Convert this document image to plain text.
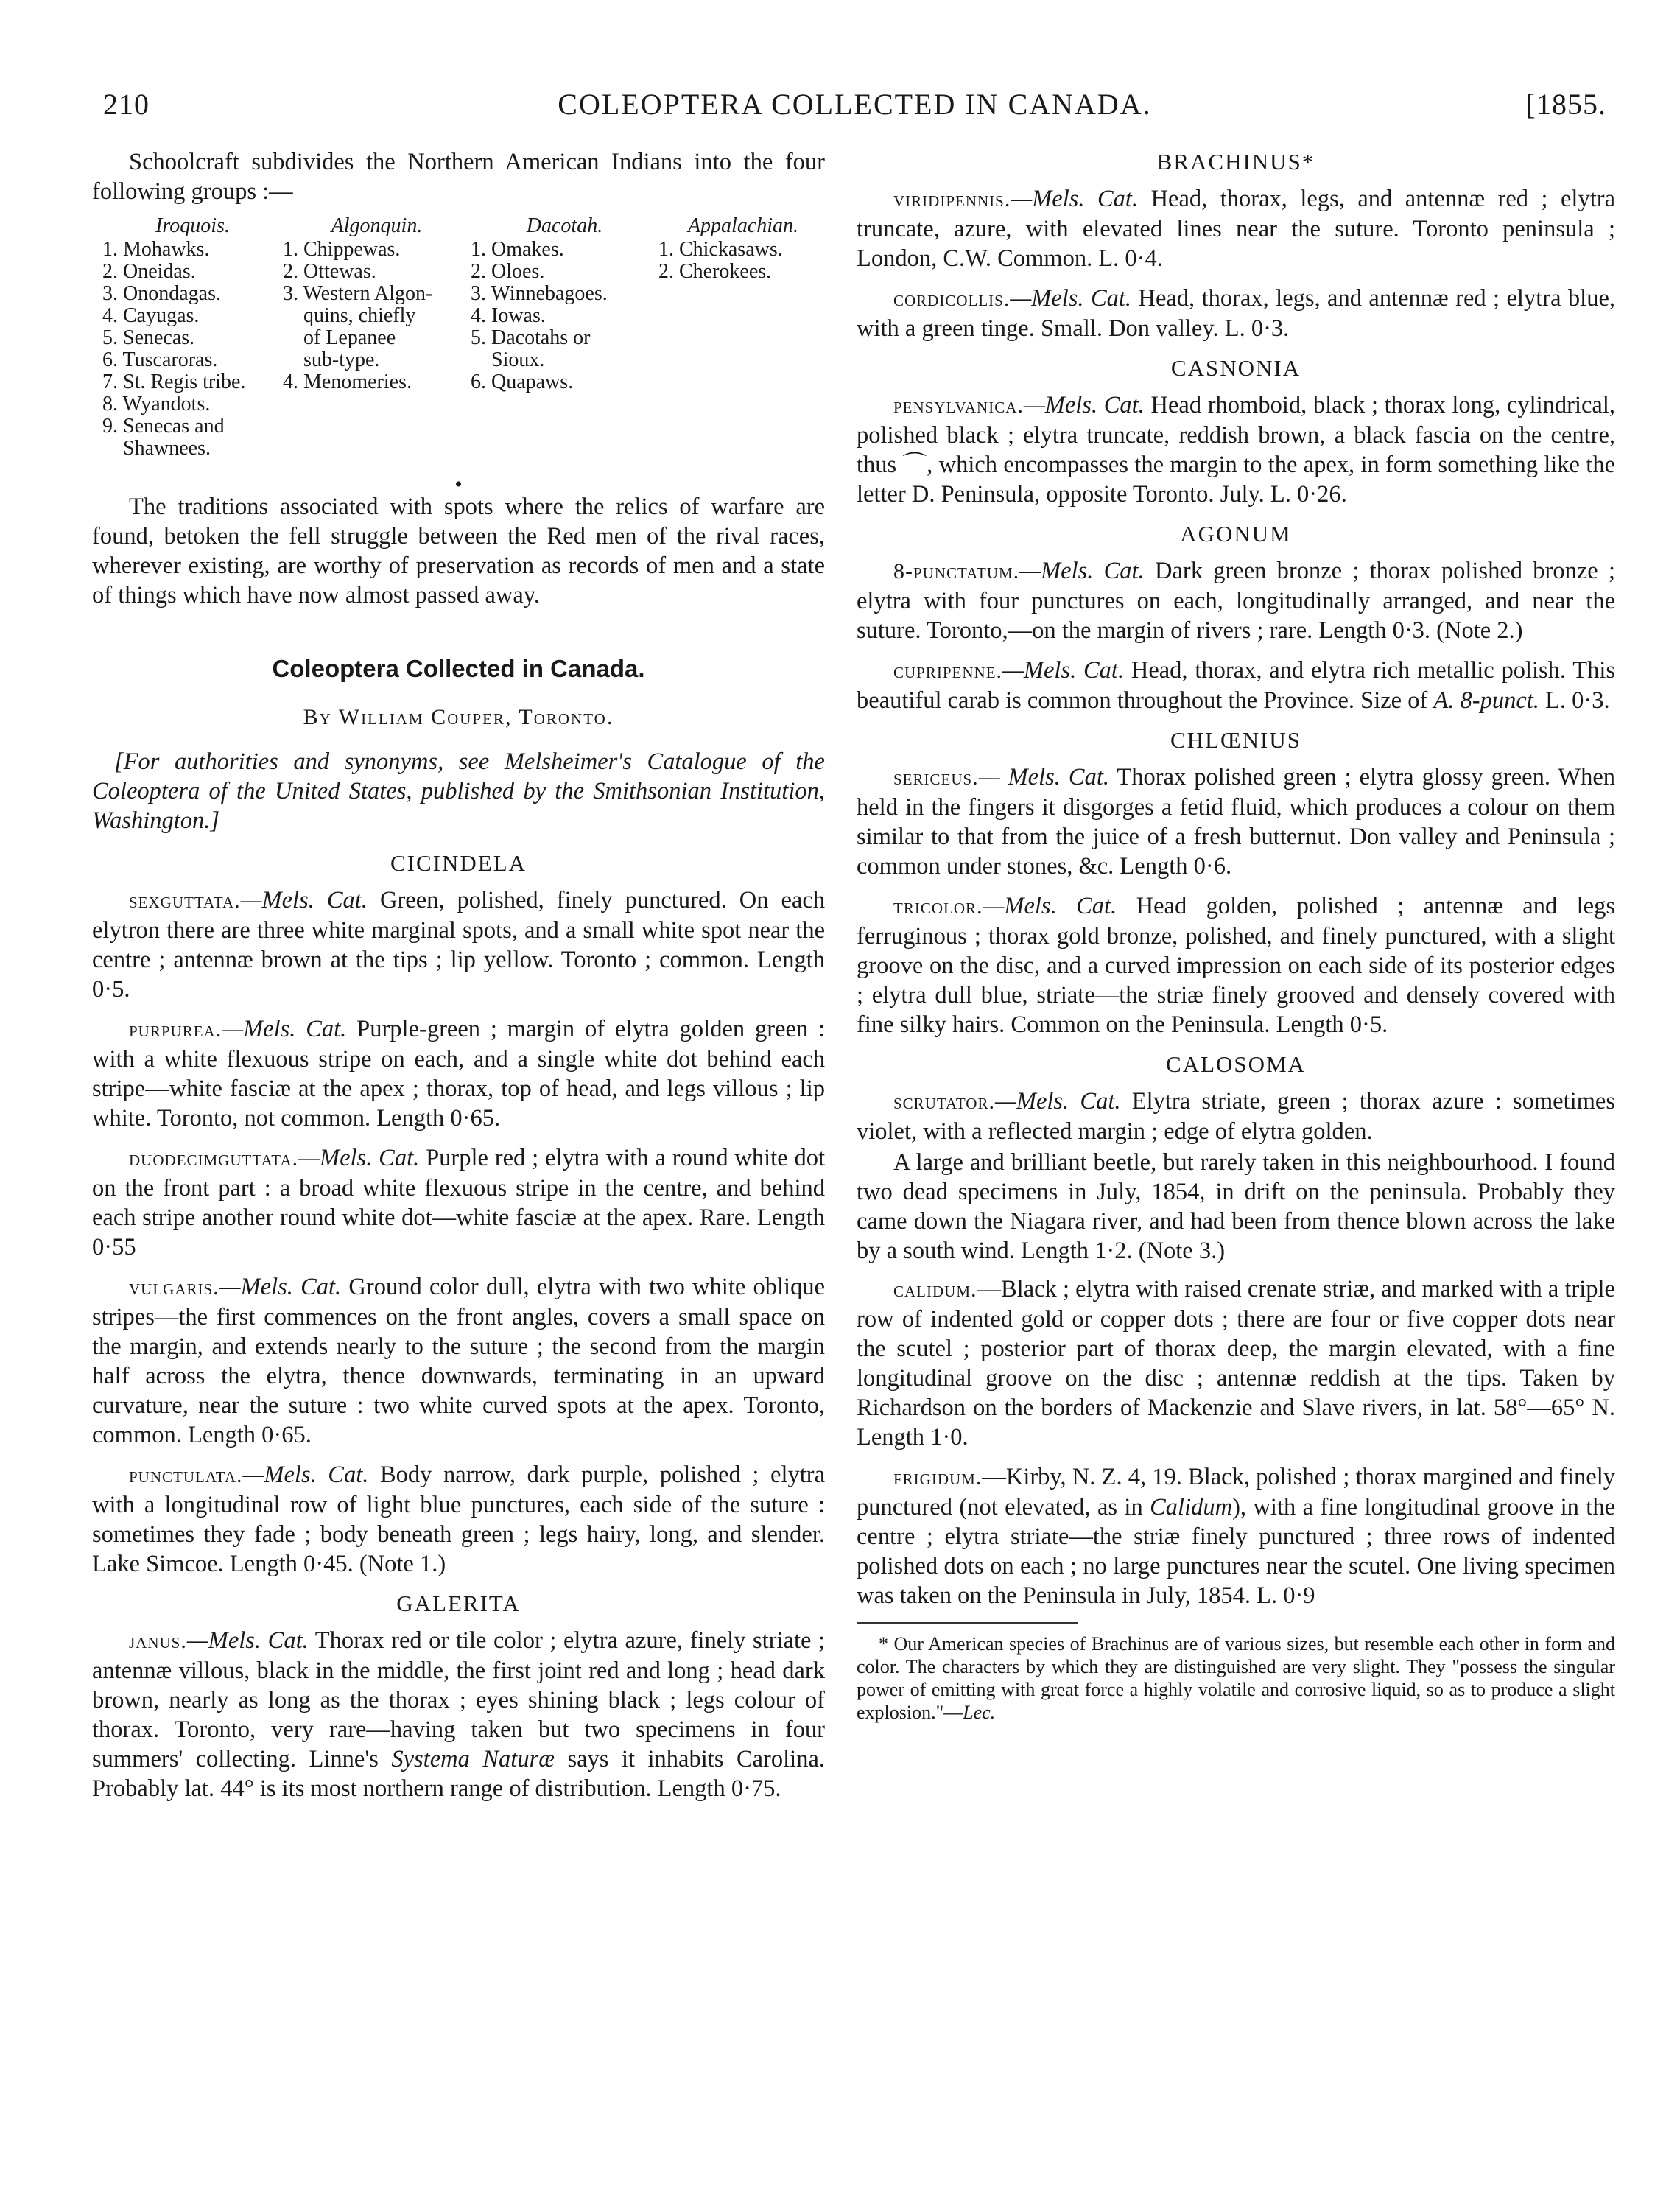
210	COLEOPTERA COLLECTED IN CANADA.	[1855.

Schoolcraft subdivides the Northern American Indians into the four following groups :—

Iroquois.	Algonquin.	Dacotah.	Appalachian.
1. Mohawks.	1. Chippewas.	1. Omakes.	1. Chickasaws.
2. Oneidas.	2. Ottewas.	2. Oloes.	2. Cherokees.
3. Onondagas.	3. Western Algon-	3. Winnebagoes.
4. Cayugas.	quins, chiefly	4. Iowas.
5. Senecas.	of Lepanee	5. Dacotahs or
6. Tuscaroras.	sub-type.	Sioux.
7. St. Regis tribe.	4. Menomeries.	6. Quapaws.
8. Wyandots.
9. Senecas and
Shawnees.
•

The traditions associated with spots where the relics of warfare are found, betoken the fell struggle between the Red men of the rival races, wherever existing, are worthy of preservation as records of men and a state of things which have now almost passed away.

Coleoptera Collected in Canada.
By William Couper, Toronto.

[For authorities and synonyms, see Melsheimer's Catalogue of the Coleoptera of the United States, published by the Smithsonian Institution, Washington.]

CICINDELA

sexguttata.—Mels. Cat. Green, polished, finely punctured. On each elytron there are three white marginal spots, and a small white spot near the centre ; antennæ brown at the tips ; lip yellow. Toronto ; common. Length 0·5.

purpurea.—Mels. Cat. Purple-green ; margin of elytra golden green : with a white flexuous stripe on each, and a single white dot behind each stripe—white fasciæ at the apex ; thorax, top of head, and legs villous ; lip white. Toronto, not common. Length 0·65.

duodecimguttata.—Mels. Cat. Purple red ; elytra with a round white dot on the front part : a broad white flexuous stripe in the centre, and behind each stripe another round white dot—white fasciæ at the apex. Rare. Length 0·55

vulgaris.—Mels. Cat. Ground color dull, elytra with two white oblique stripes—the first commences on the front angles, covers a small space on the margin, and extends nearly to the suture ; the second from the margin half across the elytra, thence downwards, terminating in an upward curvature, near the suture : two white curved spots at the apex. Toronto, common. Length 0·65.

punctulata.—Mels. Cat. Body narrow, dark purple, polished ; elytra with a longitudinal row of light blue punctures, each side of the suture : sometimes they fade ; body beneath green ; legs hairy, long, and slender. Lake Simcoe. Length 0·45. (Note 1.)

GALERITA

janus.—Mels. Cat. Thorax red or tile color ; elytra azure, finely striate ; antennæ villous, black in the middle, the first joint red and long ; head dark brown, nearly as long as the thorax ; eyes shining black ; legs colour of thorax. Toronto, very rare—having taken but two specimens in four summers' collecting. Linne's Systema Naturæ says it inhabits Carolina. Probably lat. 44° is its most northern range of distribution. Length 0·75.

BRACHINUS*

viridipennis.—Mels. Cat. Head, thorax, legs, and antennæ red ; elytra truncate, azure, with elevated lines near the suture. Toronto peninsula ; London, C.W. Common. L. 0·4.

cordicollis.—Mels. Cat. Head, thorax, legs, and antennæ red ; elytra blue, with a green tinge. Small. Don valley. L. 0·3.

CASNONIA

pensylvanica.—Mels. Cat. Head rhomboid, black ; thorax long, cylindrical, polished black ; elytra truncate, reddish brown, a black fascia on the centre, thus ⌒, which encompasses the margin to the apex, in form something like the letter D. Peninsula, opposite Toronto. July. L. 0·26.

AGONUM

8-punctatum.—Mels. Cat. Dark green bronze ; thorax polished bronze ; elytra with four punctures on each, longitudinally arranged, and near the suture. Toronto,—on the margin of rivers ; rare. Length 0·3. (Note 2.)

cupripenne.—Mels. Cat. Head, thorax, and elytra rich metallic polish. This beautiful carab is common throughout the Province. Size of A. 8-punct. L. 0·3.

CHLŒNIUS

sericeus.— Mels. Cat. Thorax polished green ; elytra glossy green. When held in the fingers it disgorges a fetid fluid, which produces a colour on them similar to that from the juice of a fresh butternut. Don valley and Peninsula ; common under stones, &c. Length 0·6.

tricolor.—Mels. Cat. Head golden, polished ; antennæ and legs ferruginous ; thorax gold bronze, polished, and finely punctured, with a slight groove on the disc, and a curved impression on each side of its posterior edges ; elytra dull blue, striate—the striæ finely grooved and densely covered with fine silky hairs. Common on the Peninsula. Length 0·5.

CALOSOMA

scrutator.—Mels. Cat. Elytra striate, green ; thorax azure : sometimes violet, with a reflected margin ; edge of elytra golden.

A large and brilliant beetle, but rarely taken in this neighbourhood. I found two dead specimens in July, 1854, in drift on the peninsula. Probably they came down the Niagara river, and had been from thence blown across the lake by a south wind. Length 1·2. (Note 3.)

calidum.—Black ; elytra with raised crenate striæ, and marked with a triple row of indented gold or copper dots ; there are four or five copper dots near the scutel ; posterior part of thorax deep, the margin elevated, with a fine longitudinal groove on the disc ; antennæ reddish at the tips. Taken by Richardson on the borders of Mackenzie and Slave rivers, in lat. 58°—65° N. Length 1·0.

frigidum.—Kirby, N. Z. 4, 19. Black, polished ; thorax margined and finely punctured (not elevated, as in Calidum), with a fine longitudinal groove in the centre ; elytra striate—the striæ finely punctured ; three rows of indented polished dots on each ; no large punctures near the scutel. One living specimen was taken on the Peninsula in July, 1854. L. 0·9

* Our American species of Brachinus are of various sizes, but resemble each other in form and color. The characters by which they are distinguished are very slight. They "possess the singular power of emitting with great force a highly volatile and corrosive liquid, so as to produce a slight explosion."—Lec.
